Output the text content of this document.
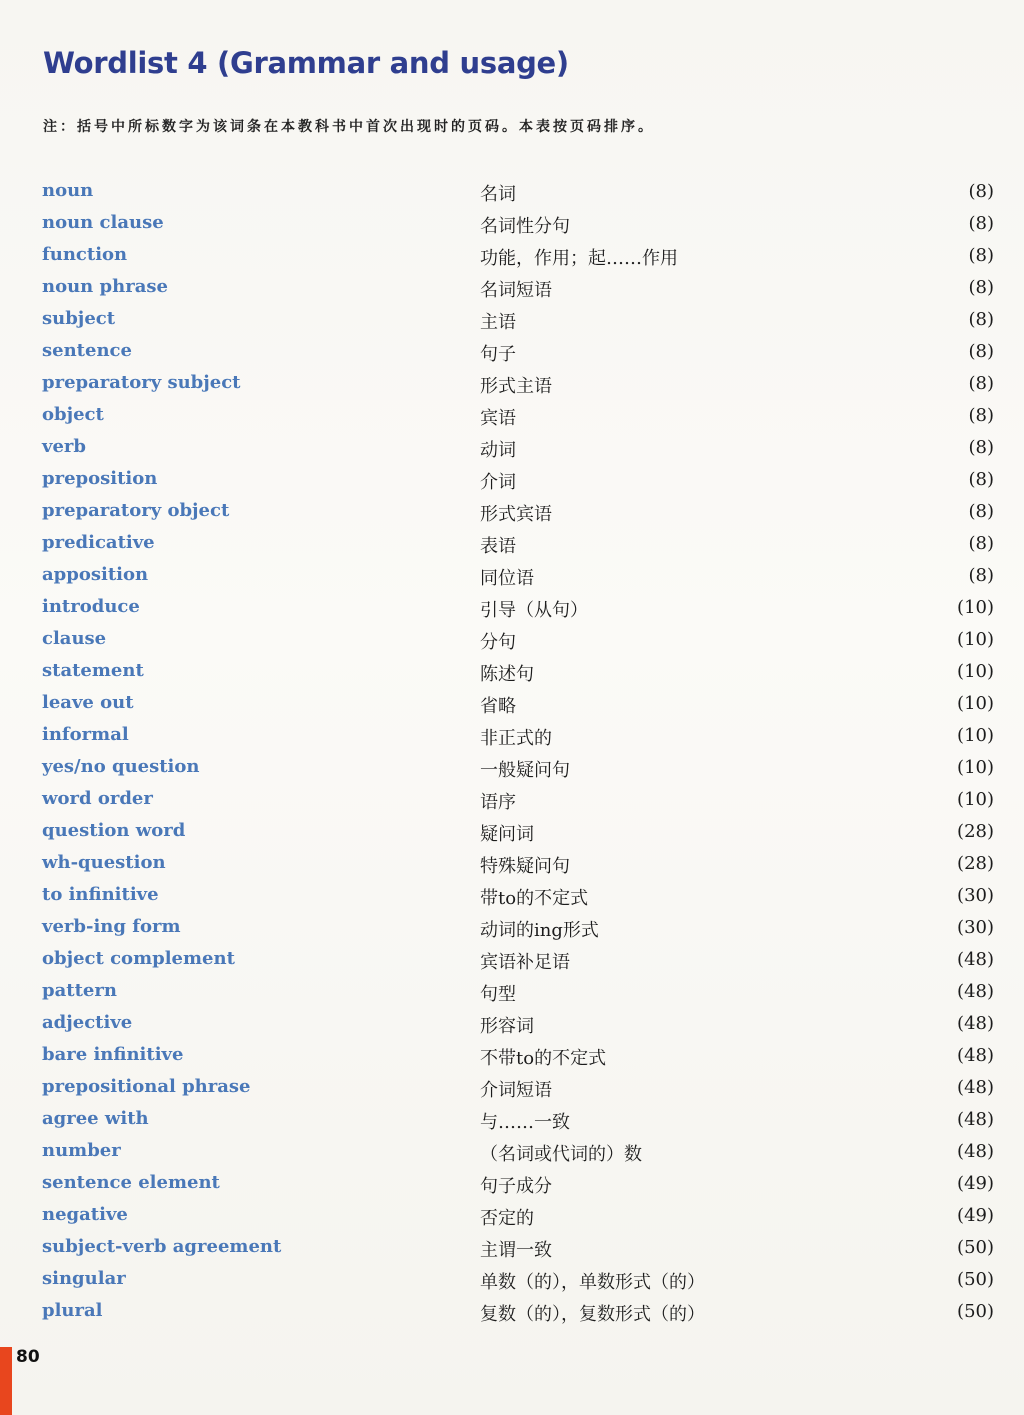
Wordlist 4 (Grammar and usage)

注：括号中所标数字为该词条在本教科书中首次出现时的页码。本表按页码排序。

noun	名词	(8)
noun clause	名词性分句	(8)
function	功能，作用；起……作用	(8)
noun phrase	名词短语	(8)
subject	主语	(8)
sentence	句子	(8)
preparatory subject	形式主语	(8)
object	宾语	(8)
verb	动词	(8)
preposition	介词	(8)
preparatory object	形式宾语	(8)
predicative	表语	(8)
apposition	同位语	(8)
introduce	引导（从句）	(10)
clause	分句	(10)
statement	陈述句	(10)
leave out	省略	(10)
informal	非正式的	(10)
yes/no question	一般疑问句	(10)
word order	语序	(10)
question word	疑问词	(28)
wh-question	特殊疑问句	(28)
to infinitive	带to的不定式	(30)
verb-ing form	动词的ing形式	(30)
object complement	宾语补足语	(48)
pattern	句型	(48)
adjective	形容词	(48)
bare infinitive	不带to的不定式	(48)
prepositional phrase	介词短语	(48)
agree with	与……一致	(48)
number	（名词或代词的）数	(48)
sentence element	句子成分	(49)
negative	否定的	(49)
subject-verb agreement	主谓一致	(50)
singular	单数（的），单数形式（的）	(50)
plural	复数（的），复数形式（的）	(50)
80
